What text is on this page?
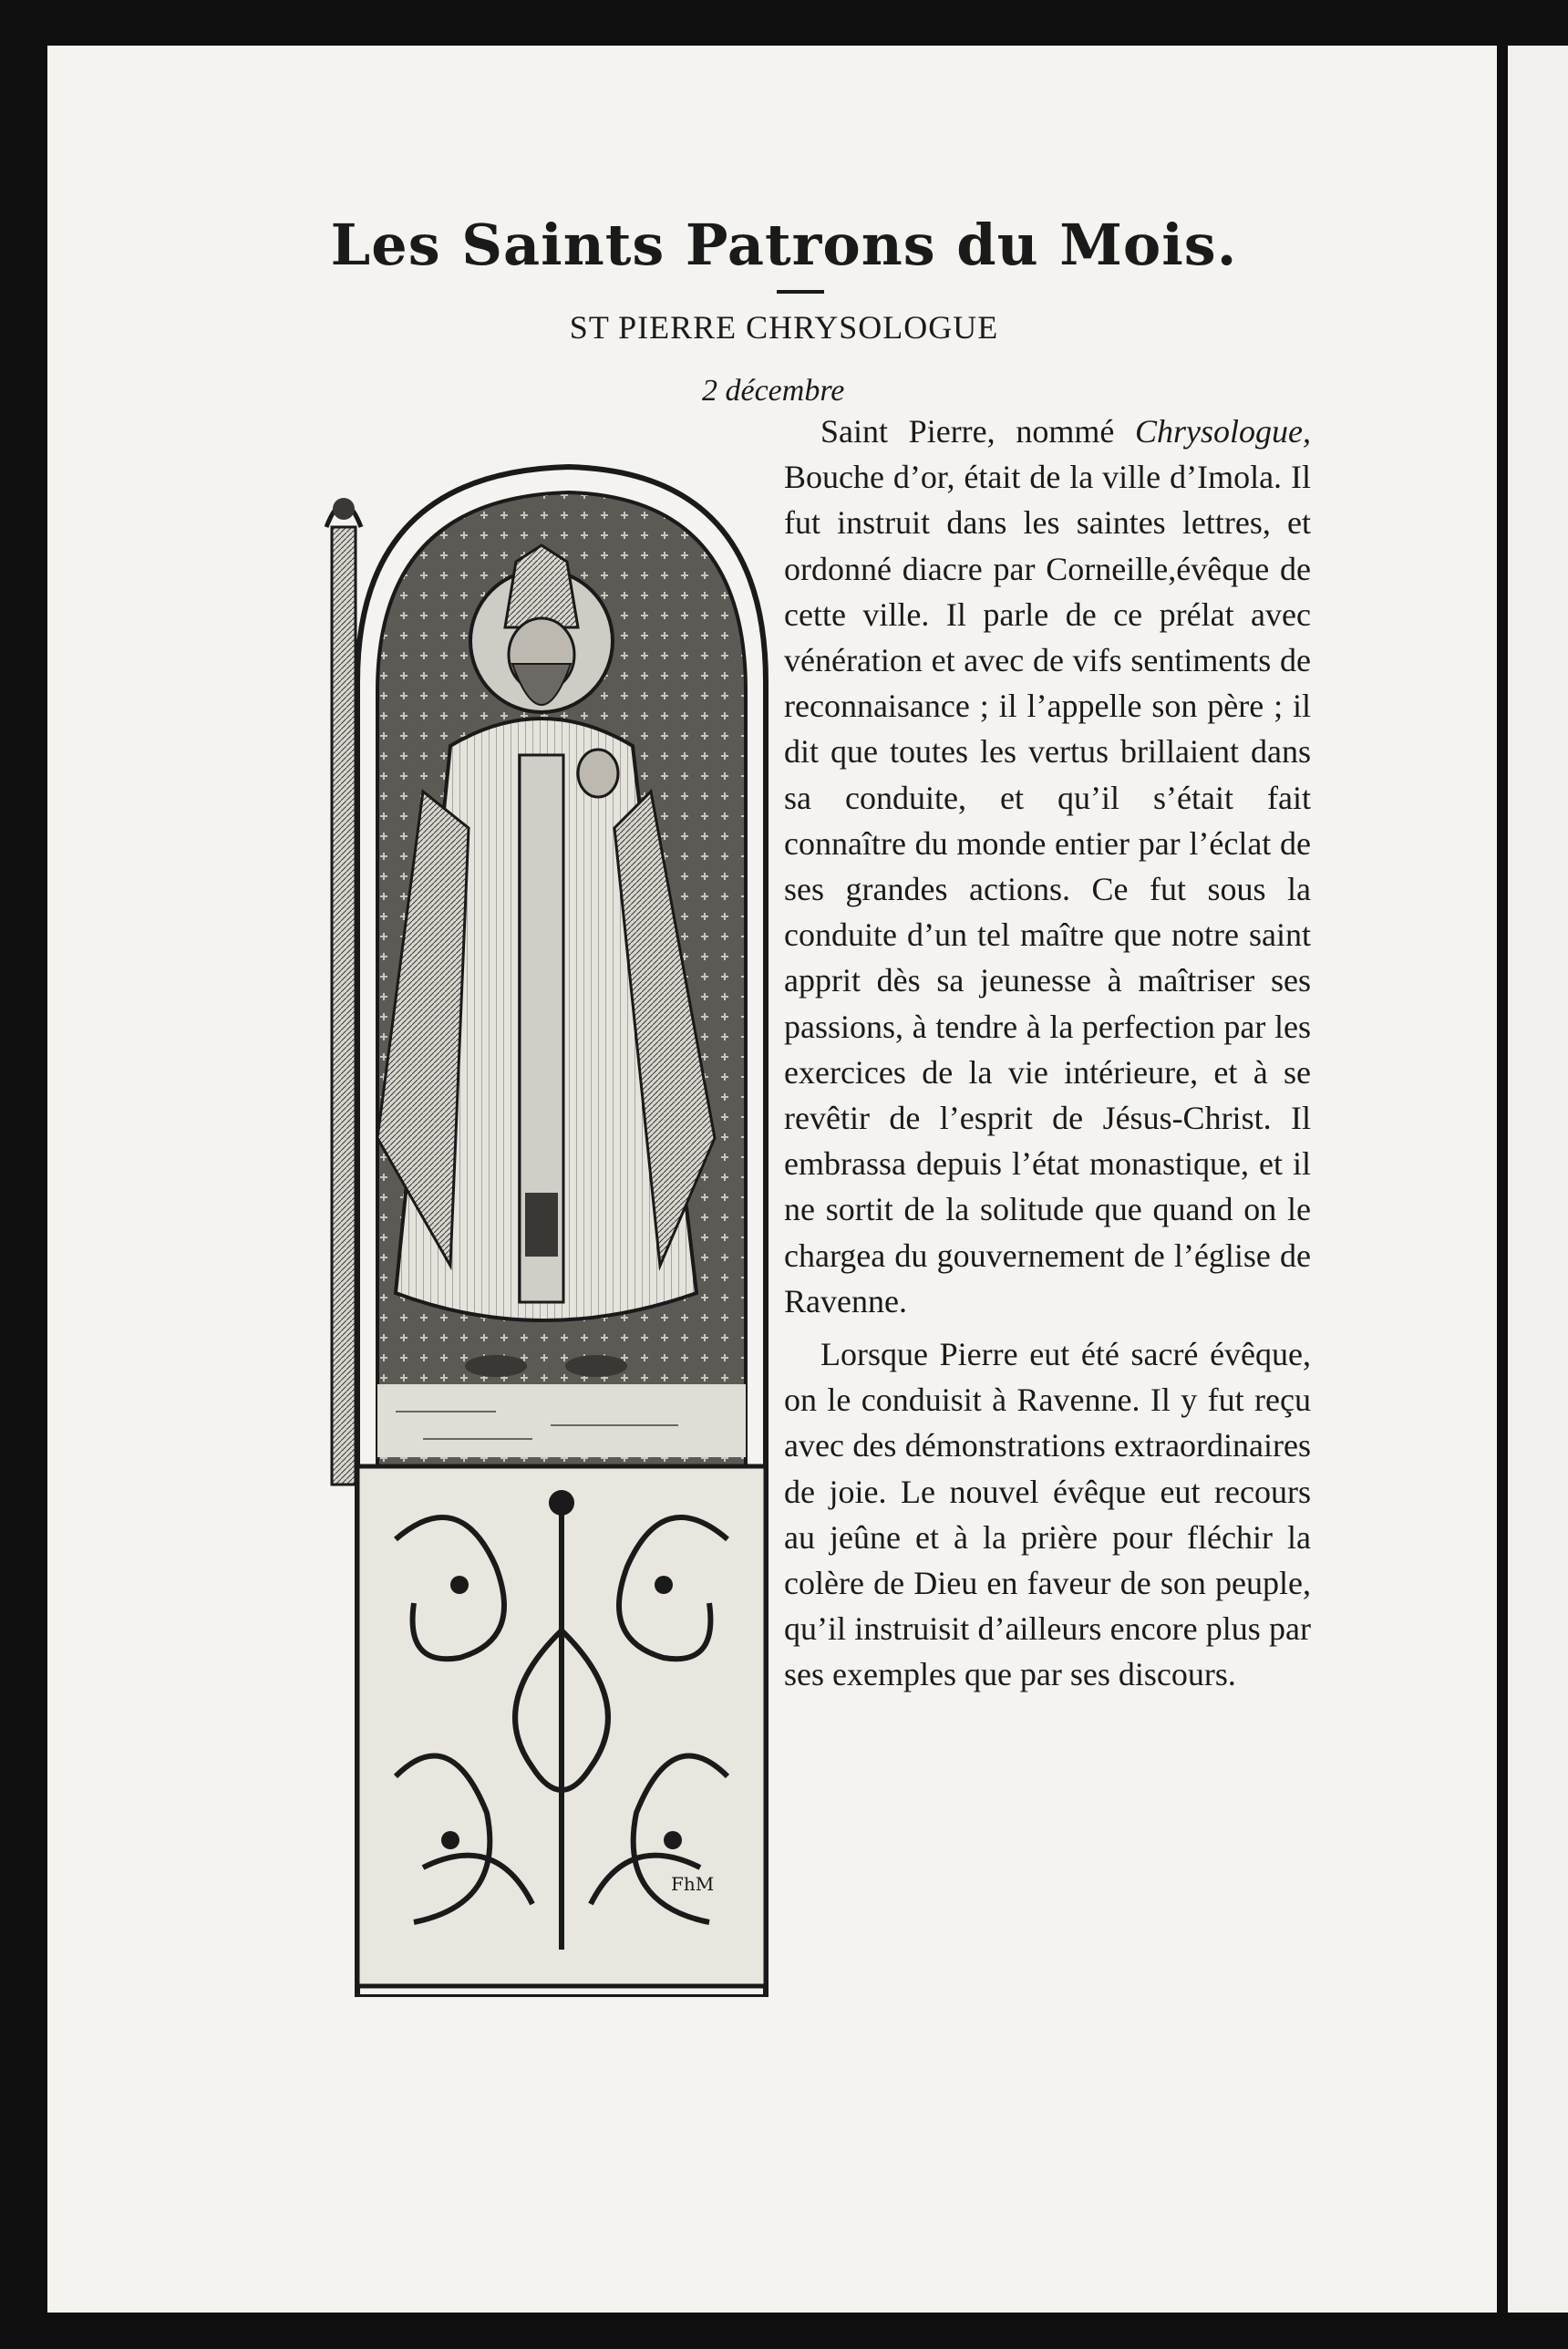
Les Saints Patrons du Mois.
ST PIERRE CHRYSOLOGUE
2 décembre
FhM

Saint Pierre, nommé Chrysologue, Bouche d’or, était de la ville d’Imola. Il fut instruit dans les saintes lettres, et ordonné diacre par Corneille,évêque de cette ville. Il parle de ce prélat avec vénération et avec de vifs sentiments de reconnaisance ; il l’appelle son père ; il dit que toutes les vertus brillaient dans sa conduite, et qu’il s’était fait connaître du monde entier par l’éclat de ses grandes actions. Ce fut sous la conduite d’un tel maître que notre saint apprit dès sa jeunesse à maîtriser ses passions, à tendre à la perfection par les exercices de la vie intérieure, et à se revêtir de l’esprit de Jésus-Christ. Il embrassa depuis l’état monastique, et il ne sortit de la solitude que quand on le chargea du gouvernement de l’église de Ravenne.

Lorsque Pierre eut été sacré évêque, on le conduisit à Ravenne. Il y fut reçu avec des démonstrations extraordinaires de joie. Le nouvel évêque eut recours au jeûne et à la prière pour fléchir la colère de Dieu en faveur de son peuple, qu’il instruisit d’ailleurs encore plus par ses exemples que par ses discours.
